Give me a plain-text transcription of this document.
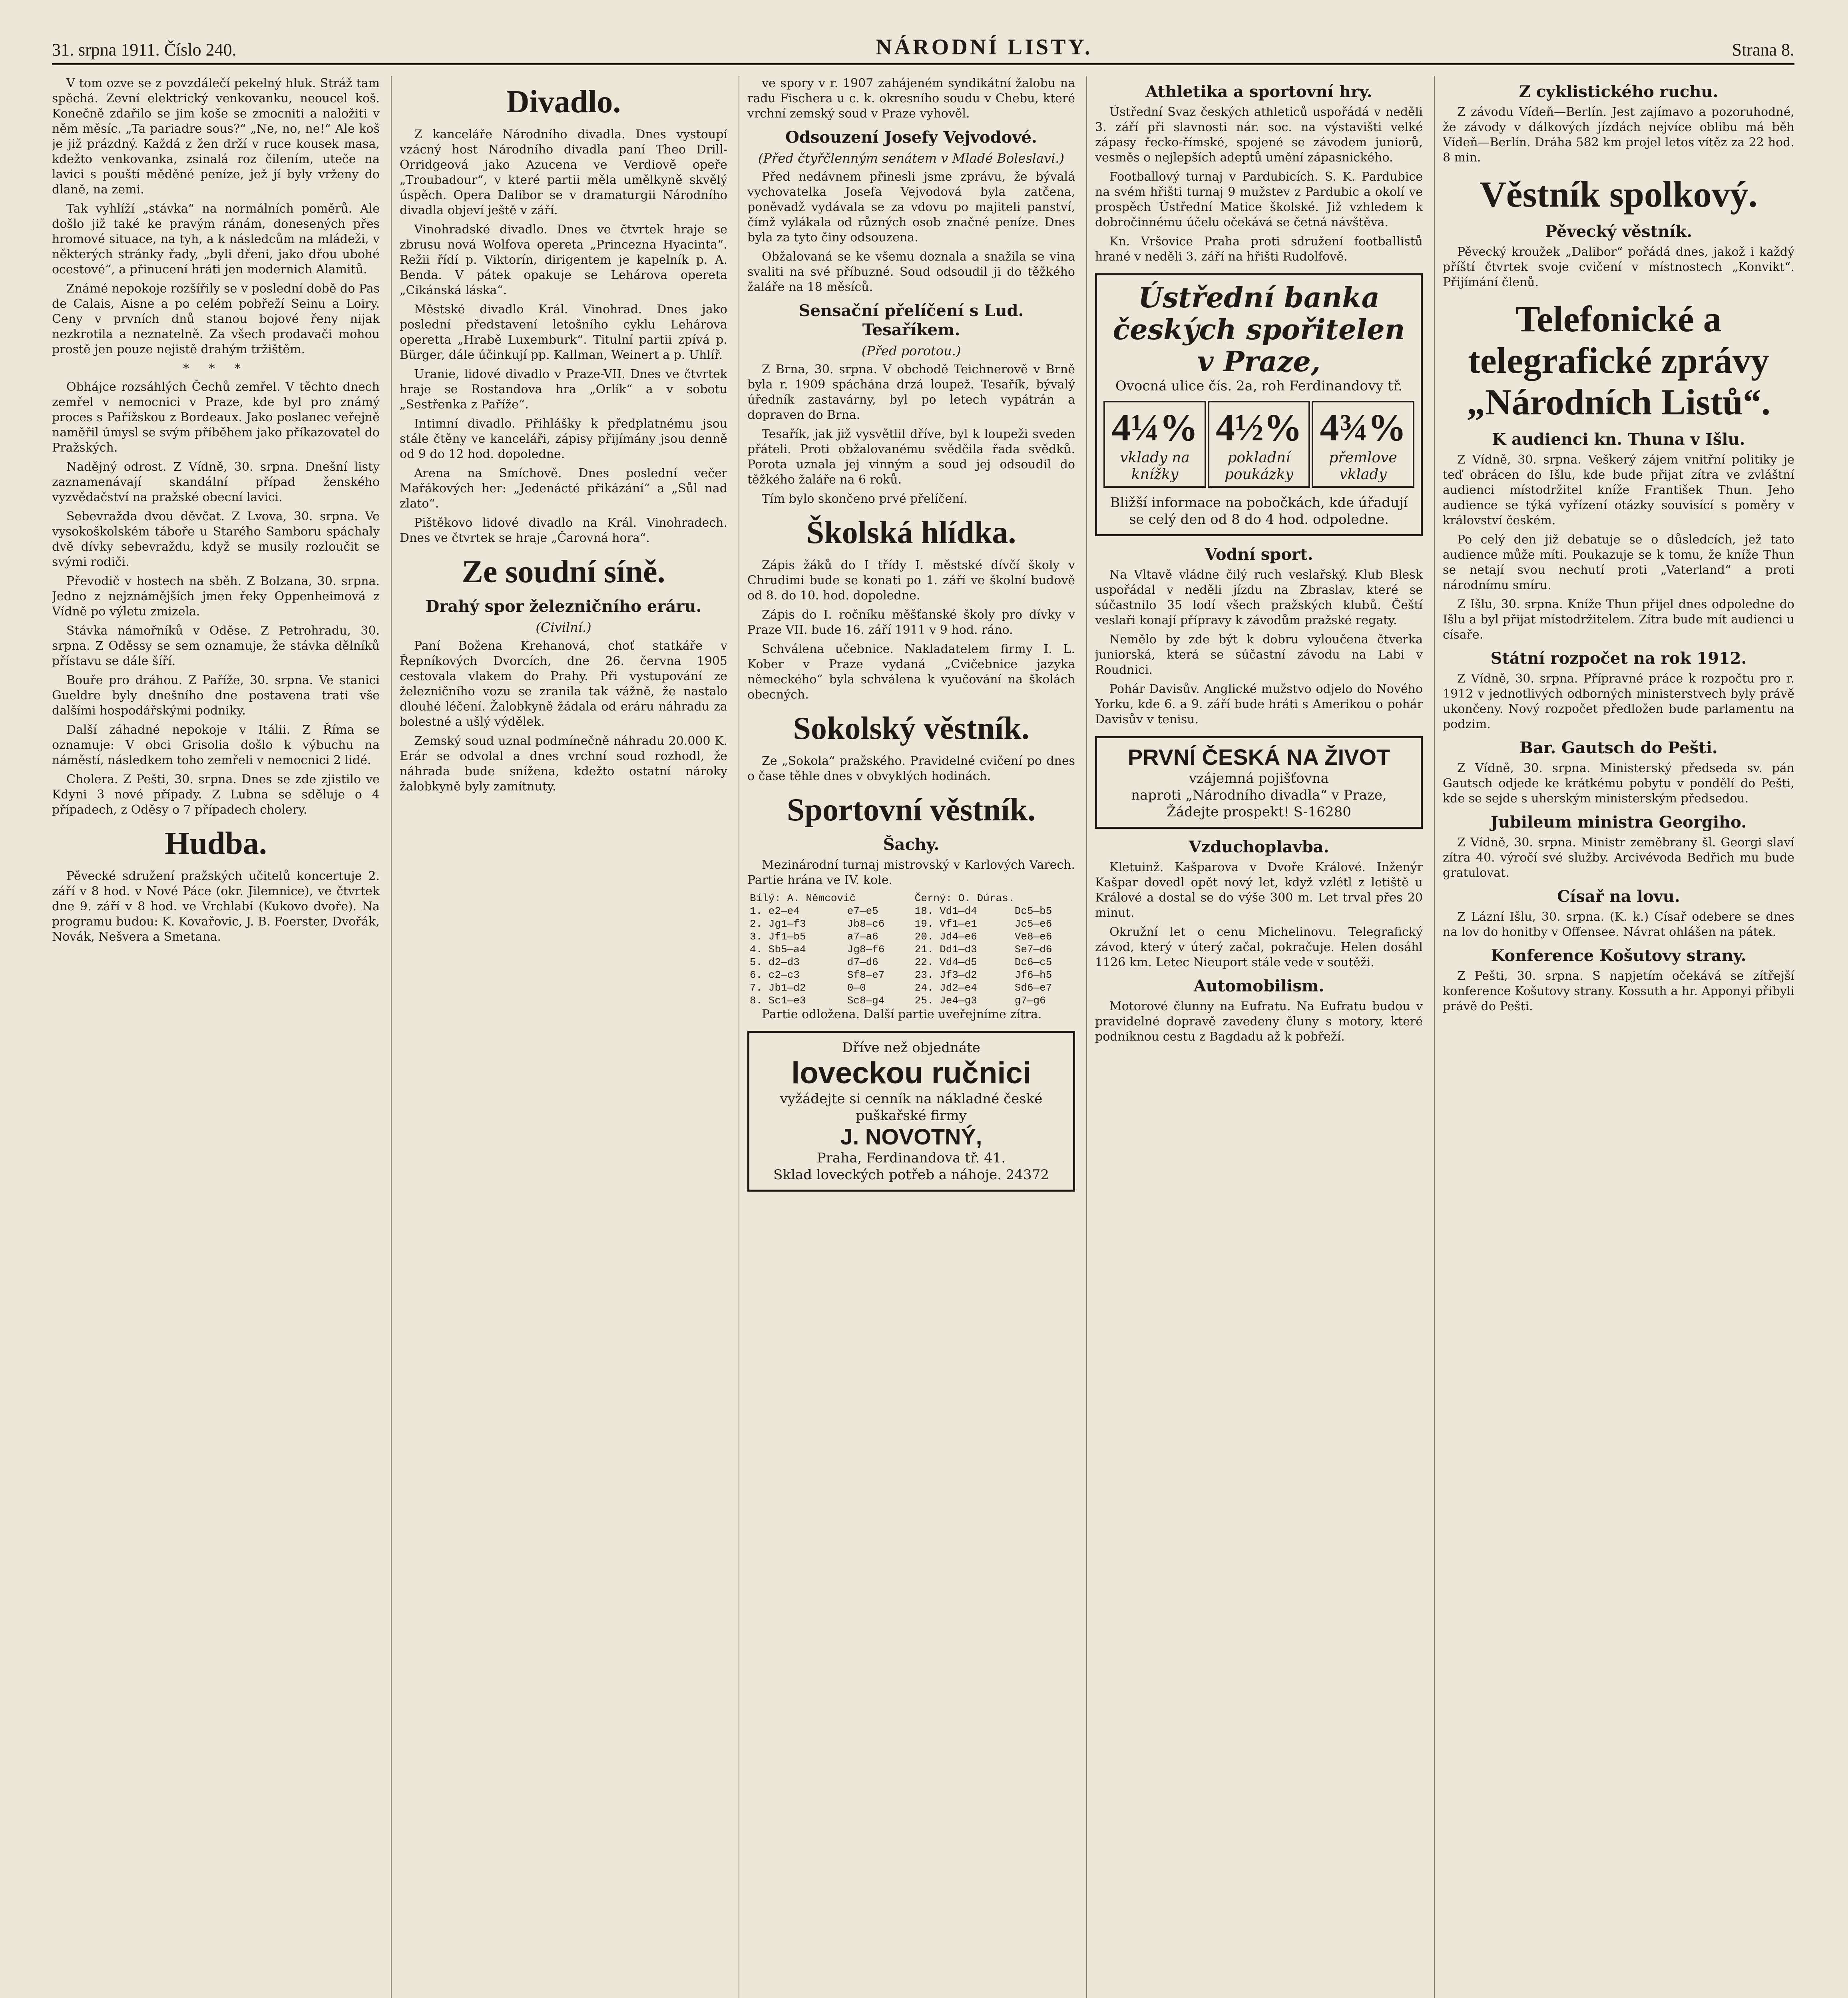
31. srpna 1911. Číslo 240.	NÁRODNÍ LISTY.	Strana 8.

V tom ozve se z povzdálečí pekelný hluk. Stráž tam spěchá. Zevní elektrický venkovanku, neoucel koš. Konečně zdařilo se jim koše se zmocniti a naložiti v něm měsíc. „Ta pariadre sous?“ „Ne, no, ne!“ Ale koš je již prázdný. Každá z žen drží v ruce kousek masa, kdežto venkovanka, zsinalá roz čilením, uteče na lavici s pouští měděné peníze, jež jí byly vrženy do dlaně, na zemi.

Tak vyhlíží „stávka“ na normálních poměrů. Ale došlo již také ke pravým ránám, donesených přes hromové situace, na tyh, a k následcům na mládeži, v některých stránky řady, „byli dřeni, jako dřou ubohé ocestové“, a přinucení hráti jen modernich Alamitů.

Známé nepokoje rozšířily se v poslední době do Pas de Calais, Aisne a po celém pobřeží Seinu a Loiry. Ceny v prvních dnů stanou bojové řeny nijak nezkrotila a neznatelně. Za všech prodavači mohou prostě jen pouze nejistě drahým tržištěm.

* * *

Obhájce rozsáhlých Čechů zemřel. V těchto dnech zemřel v nemocnici v Praze, kde byl pro známý proces s Pařížskou z Bordeaux. Jako poslanec veřejně naměřil úmysl se svým příběhem jako příkazovatel do Pražských.

Nadějný odrost. Z Vídně, 30. srpna. Dnešní listy zaznamenávají skandální případ ženského vyzvědačství na pražské obecní lavici.

Sebevražda dvou děvčat. Z Lvova, 30. srpna. Ve vysokoškolském táboře u Starého Samboru spáchaly dvě dívky sebevraždu, když se musily rozloučit se svými rodiči.

Převodič v hostech na sběh. Z Bolzana, 30. srpna. Jedno z nejznámějších jmen řeky Oppenheimová z Vídně po výletu zmizela.

Stávka námořníků v Oděse. Z Petrohradu, 30. srpna. Z Oděssy se sem oznamuje, že stávka dělníků přístavu se dále šíří.

Bouře pro dráhou. Z Paříže, 30. srpna. Ve stanici Gueldre byly dnešního dne postavena trati vše dalšími hospodářskými podniky.

Další záhadné nepokoje v Itálii. Z Říma se oznamuje: V obci Grisolia došlo k výbuchu na náměstí, následkem toho zemřeli v nemocnici 2 lidé.

Cholera. Z Pešti, 30. srpna. Dnes se zde zjistilo ve Kdyni 3 nové případy. Z Lubna se sděluje o 4 případech, z Oděsy o 7 případech cholery.

Hudba.

Pěvecké sdružení pražských učitelů koncertuje 2. září v 8 hod. v Nové Páce (okr. Jilemnice), ve čtvrtek dne 9. září v 8 hod. ve Vrchlabí (Kukovo dvoře). Na programu budou: K. Kovařovic, J. B. Foerster, Dvořák, Novák, Nešvera a Smetana.

Divadlo.

Z kanceláře Národního divadla. Dnes vystoupí vzácný host Národního divadla paní Theo Drill-Orridgeová jako Azucena ve Verdiově opeře „Troubadour“, v které partii měla umělkyně skvělý úspěch. Opera Dalibor se v dramaturgii Národního divadla objeví ještě v září.

Vinohradské divadlo. Dnes ve čtvrtek hraje se zbrusu nová Wolfova opereta „Princezna Hyacinta“. Režii řídí p. Viktorín, dirigentem je kapelník p. A. Benda. V pátek opakuje se Lehárova opereta „Cikánská láska“.

Městské divadlo Král. Vinohrad. Dnes jako poslední představení letošního cyklu Lehárova operetta „Hrabě Luxemburk“. Titulní partii zpívá p. Bürger, dále účinkují pp. Kallman, Weinert a p. Uhlíř.

Uranie, lidové divadlo v Praze-VII. Dnes ve čtvrtek hraje se Rostandova hra „Orlík“ a v sobotu „Sestřenka z Paříže“.

Intimní divadlo. Přihlášky k předplatnému jsou stále čtěny ve kanceláři, zápisy přijímány jsou denně od 9 do 12 hod. dopoledne.

Arena na Smíchově. Dnes poslední večer Mařákových her: „Jedenácté přikázání“ a „Sůl nad zlato“.

Pištěkovo lidové divadlo na Král. Vinohradech. Dnes ve čtvrtek se hraje „Čarovná hora“.

Ze soudní síně.
Drahý spor železničního eráru.
(Civilní.)

Paní Božena Krehanová, choť statkáře v Řepníkových Dvorcích, dne 26. června 1905 cestovala vlakem do Prahy. Při vystupování ze železničního vozu se zranila tak vážně, že nastalo dlouhé léčení. Žalobkyně žádala od eráru náhradu za bolestné a ušlý výdělek.

Zemský soud uznal podmínečně náhradu 20.000 K. Erár se odvolal a dnes vrchní soud rozhodl, že náhrada bude snížena, kdežto ostatní nároky žalobkyně byly zamítnuty.

ve spory v r. 1907 zahájeném syndikátní žalobu na radu Fischera u c. k. okresního soudu v Chebu, které vrchní zemský soud v Praze vyhověl.

Odsouzení Josefy Vejvodové.
(Před čtyřčlenným senátem v Mladé Boleslavi.)

Před nedávnem přinesli jsme zprávu, že bývalá vychovatelka Josefa Vejvodová byla zatčena, poněvadž vydávala se za vdovu po majiteli panství, čímž vylákala od různých osob značné peníze. Dnes byla za tyto činy odsouzena.

Obžalovaná se ke všemu doznala a snažila se vina svaliti na své příbuzné. Soud odsoudil ji do těžkého žaláře na 18 měsíců.

Sensační přelíčení s Lud. Tesaříkem.
(Před porotou.)

Z Brna, 30. srpna. V obchodě Teichnerově v Brně byla r. 1909 spáchána drzá loupež. Tesařík, bývalý úředník zastavárny, byl po letech vypátrán a dopraven do Brna.

Tesařík, jak již vysvětlil dříve, byl k loupeži sveden přáteli. Proti obžalovanému svědčila řada svědků. Porota uznala jej vinným a soud jej odsoudil do těžkého žaláře na 6 roků.

Tím bylo skončeno prvé přelíčení.

Školská hlídka.

Zápis žáků do I třídy I. městské dívčí školy v Chrudimi bude se konati po 1. září ve školní budově od 8. do 10. hod. dopoledne.

Zápis do I. ročníku měšťanské školy pro dívky v Praze VII. bude 16. září 1911 v 9 hod. ráno.

Schválena učebnice. Nakladatelem firmy I. L. Kober v Praze vydaná „Cvičebnice jazyka německého“ byla schválena k vyučování na školách obecných.

Sokolský věstník.

Ze „Sokola“ pražského. Pravidelné cvičení po dnes o čase těhle dnes v obvyklých hodinách.

Sportovní věstník.
Šachy.

Mezinárodní turnaj mistrovský v Karlových Varech. Partie hrána ve IV. kole.

Bílý: A. Němcovič		Černý: O. Dúras.	
1. e2—e4	e7—e5	18. Vd1—d4	Dc5—b5
2. Jg1—f3	Jb8—c6	19. Vf1—e1	Jc5—e6
3. Jf1—b5	a7—a6	20. Jd4—e6	Ve8—e6
4. Sb5—a4	Jg8—f6	21. Dd1—d3	Se7—d6
5. d2—d3	d7—d6	22. Vd4—d5	Dc6—c5
6. c2—c3	Sf8—e7	23. Jf3—d2	Jf6—h5
7. Jb1—d2	0—0	24. Jd2—e4	Sd6—e7
8. Sc1—e3	Sc8—g4	25. Je4—g3	g7—g6

Partie odložena. Další partie uveřejníme zítra.

Dříve než objednáte
loveckou ručnici
vyžádejte si cenník na nákladné české puškařské firmy
J. NOVOTNÝ,
Praha, Ferdinandova tř. 41.
Sklad loveckých potřeb a náhoje. 24372
Athletika a sportovní hry.

Ústřední Svaz českých athleticů uspořádá v neděli 3. září při slavnosti nár. soc. na výstavišti velké zápasy řecko-římské, spojené se závodem juniorů, vesměs o nejlepších adeptů umění zápasnického.

Footballový turnaj v Pardubicích. S. K. Pardubice na svém hřišti turnaj 9 mužstev z Pardubic a okolí ve prospěch Ústřední Matice školské. Již vzhledem k dobročinnému účelu očekává se četná návštěva.

Kn. Vršovice Praha proti sdružení footballistů hrané v neděli 3. září na hřišti Rudolfově.

Ústřední banka českých spořitelen
v Praze,
Ovocná ulice čís. 2a, roh Ferdinandovy tř.
4¼%
vklady na knížky
4½%
pokladní poukázky
4¾%
přemlove vklady
Bližší informace na pobočkách, kde úřadují se celý den od 8 do 4 hod. odpoledne.
Vodní sport.

Na Vltavě vládne čilý ruch veslařský. Klub Blesk uspořádal v neděli jízdu na Zbraslav, které se súčastnilo 35 lodí všech pražských klubů. Čeští veslaři konají přípravy k závodům pražské regaty.

Nemělo by zde být k dobru vyloučena čtverka juniorská, která se súčastní závodu na Labi v Roudnici.

Pohár Davisův. Anglické mužstvo odjelo do Nového Yorku, kde 6. a 9. září bude hráti s Amerikou o pohár Davisův v tenisu.

PRVNÍ ČESKÁ NA ŽIVOT
vzájemná pojišťovna
naproti „Národního divadla“ v Praze,
Žádejte prospekt! S-16280
Vzduchoplavba.

Kletuinž. Kašparova v Dvoře Králové. Inženýr Kašpar dovedl opět nový let, když vzlétl z letiště u Králové a dostal se do výše 300 m. Let trval přes 20 minut.

Okružní let o cenu Michelinovu. Telegrafický závod, který v úterý začal, pokračuje. Helen dosáhl 1126 km. Letec Nieuport stále vede v soutěži.

Automobilism.

Motorové člunny na Eufratu. Na Eufratu budou v pravidelné dopravě zavedeny čluny s motory, které podniknou cestu z Bagdadu až k pobřeží.

Z cyklistického ruchu.

Z závodu Vídeň—Berlín. Jest zajímavo a pozoruhodné, že závody v dálkových jízdách nejvíce oblibu má běh Vídeň—Berlín. Dráha 582 km projel letos vítěz za 22 hod. 8 min.

Věstník spolkový.
Pěvecký věstník.

Pěvecký kroužek „Dalibor“ pořádá dnes, jakož i každý příští čtvrtek svoje cvičení v místnostech „Konvikt“. Přijímání členů.

Telefonické a telegrafické zprávy „Národních Listů“.
K audienci kn. Thuna v Išlu.

Z Vídně, 30. srpna. Veškerý zájem vnitřní politiky je teď obrácen do Išlu, kde bude přijat zítra ve zvláštní audienci místodržitel kníže František Thun. Jeho audience se týká vyřízení otázky souvisící s poměry v království českém.

Po celý den již debatuje se o důsledcích, jež tato audience může míti. Poukazuje se k tomu, že kníže Thun se netají svou nechutí proti „Vaterland“ a proti národnímu smíru.

Z Išlu, 30. srpna. Kníže Thun přijel dnes odpoledne do Išlu a byl přijat místodržitelem. Zítra bude mít audienci u císaře.

Státní rozpočet na rok 1912.

Z Vídně, 30. srpna. Přípravné práce k rozpočtu pro r. 1912 v jednotlivých odborných ministerstvech byly právě ukončeny. Nový rozpočet předložen bude parlamentu na podzim.

Bar. Gautsch do Pešti.

Z Vídně, 30. srpna. Ministerský předseda sv. pán Gautsch odjede ke krátkému pobytu v pondělí do Pešti, kde se sejde s uherským ministerským předsedou.

Jubileum ministra Georgiho.

Z Vídně, 30. srpna. Ministr zeměbrany šl. Georgi slaví zítra 40. výročí své služby. Arcivévoda Bedřich mu bude gratulovat.

Císař na lovu.

Z Lázní Išlu, 30. srpna. (K. k.) Císař odebere se dnes na lov do honitby v Offensee. Návrat ohlášen na pátek.

Konference Košutovy strany.

Z Pešti, 30. srpna. S napjetím očekává se zítřejší konference Košutovy strany. Kossuth a hr. Apponyi přibyli právě do Pešti.
